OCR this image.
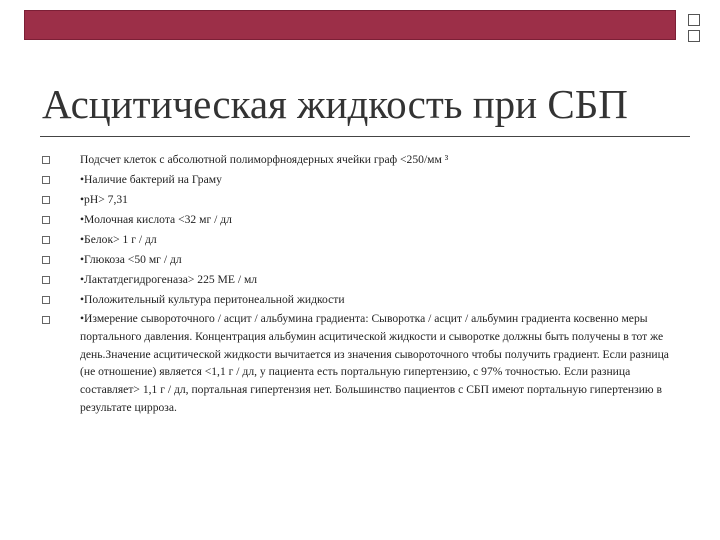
Асцитическая жидкость при СБП
Подсчет клеток с абсолютной полиморфноядерных ячейки граф <250/мм ³
•Наличие бактерий на Граму
•рН> 7,31
•Молочная кислота <32 мг / дл
•Белок> 1 г / дл
•Глюкоза <50 мг / дл
•Лактатдегидрогеназа> 225 МЕ / мл
•Положительный культура перитонеальной жидкости
•Измерение сывороточного / асцит / альбумина градиента: Сыворотка / асцит / альбумин градиента косвенно меры портального давления. Концентрация альбумин асцитической жидкости и сыворотке должны быть получены в тот же день.Значение асцитической жидкости вычитается из значения сывороточного чтобы получить градиент. Если разница (не отношение) является <1,1 г / дл, у пациента есть портальную гипертензию, с 97% точностью. Если разница составляет> 1,1 г / дл, портальная гипертензия нет. Большинство пациентов с СБП имеют портальную гипертензию в результате цирроза.
